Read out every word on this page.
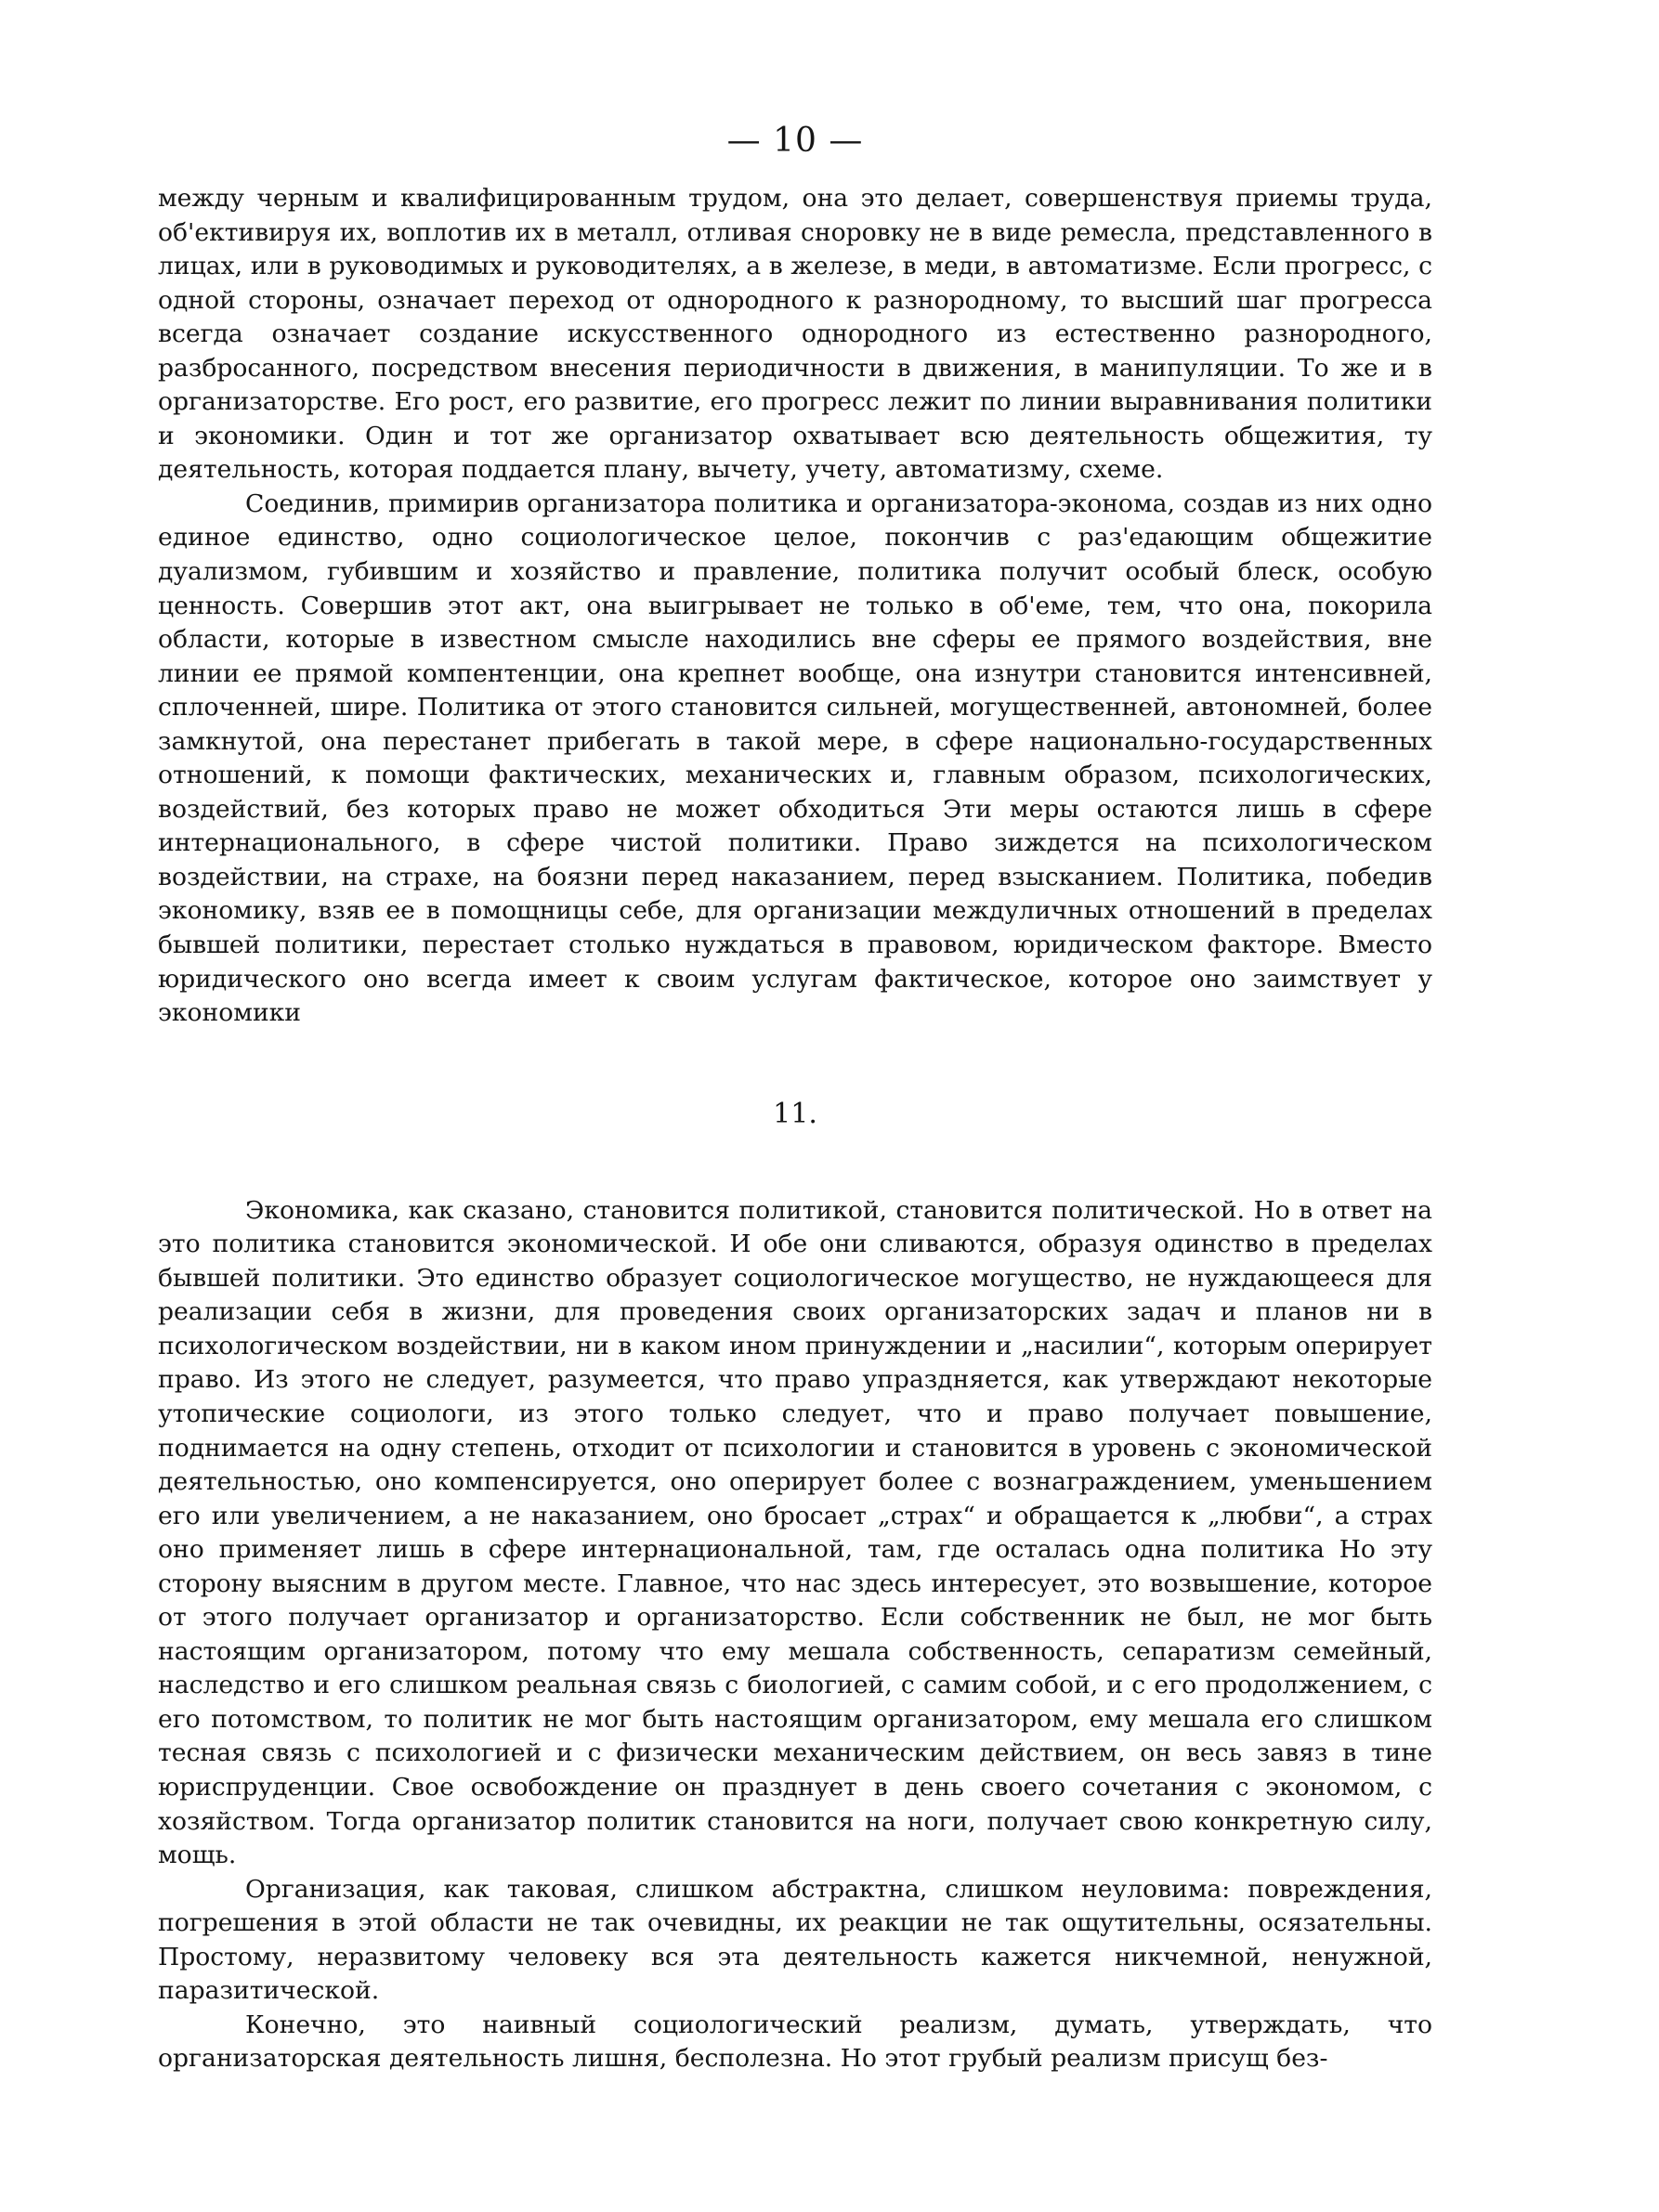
— 10 —

между черным и квалифицированным трудом, она это делает, совершенствуя приемы труда, об'ективируя их, воплотив их в металл, отливая сноровку не в виде ремесла, представленного в лицах, или в руководимых и руководителях, а в железе, в меди, в автоматизме. Если прогресс, с одной стороны, означает переход от однородного к разнородному, то высший шаг прогресса всегда означает создание искусственного однородного из естественно разнородного, разбросанного, посредством внесения периодичности в движения, в манипуляции. То же и в организаторстве. Его рост, его развитие, его прогресс лежит по линии выравнивания политики и экономики. Один и тот же организатор охватывает всю деятельность общежития, ту деятельность, которая поддается плану, вычету, учету, автоматизму, схеме.

Соединив, примирив организатора политика и организатора-эконома, создав из них одно единое единство, одно социологическое целое, покончив с раз'едающим общежитие дуализмом, губившим и хозяйство и правление, политика получит особый блеск, особую ценность. Совершив этот акт, она выигрывает не только в об'еме, тем, что она, покорила области, которые в известном смысле находились вне сферы ее прямого воздействия, вне линии ее прямой компентенции, она крепнет вообще, она изнутри становится интенсивней, сплоченней, шире. Политика от этого становится сильней, могущественней, автономней, более замкнутой, она перестанет прибегать в такой мере, в сфере национально-государственных отношений, к помощи фактических, механических и, главным образом, психологических, воздействий, без которых право не может обходиться Эти меры остаются лишь в сфере интернационального, в сфере чистой политики. Право зиждется на психологическом воздействии, на страхе, на боязни перед наказанием, перед взысканием. Политика, победив экономику, взяв ее в помощницы себе, для организации междуличных отношений в пределах бывшей политики, перестает столько нуждаться в правовом, юридическом факторе. Вместо юридического оно всегда имеет к своим услугам фактическое, которое оно заимствует у экономики

11.

Экономика, как сказано, становится политикой, становится политической. Но в ответ на это политика становится экономической. И обе они сливаются, образуя одинство в пределах бывшей политики. Это единство образует социологическое могущество, не нуждающееся для реализации себя в жизни, для проведения своих организаторских задач и планов ни в психологическом воздействии, ни в каком ином принуждении и „насилии“, которым оперирует право. Из этого не следует, разумеется, что право упраздняется, как утверждают некоторые утопические социологи, из этого только следует, что и право получает повышение, поднимается на одну степень, отходит от психологии и становится в уровень с экономической деятельностью, оно компенсируется, оно оперирует более с вознаграждением, уменьшением его или увеличением, а не наказанием, оно бросает „страх“ и обращается к „любви“, а страх оно применяет лишь в сфере интернациональной, там, где осталась одна политика Но эту сторону выясним в другом месте. Главное, что нас здесь интересует, это возвышение, которое от этого получает организатор и организаторство. Если собственник не был, не мог быть настоящим организатором, потому что ему мешала собственность, сепаратизм семейный, наследство и его слишком реальная связь с биологией, с самим собой, и с его продолжением, с его потомством, то политик не мог быть настоящим организатором, ему мешала его слишком тесная связь с психологией и с физически механическим действием, он весь завяз в тине юриспруденции. Свое освобождение он празднует в день своего сочетания с экономом, с хозяйством. Тогда организатор политик становится на ноги, получает свою конкретную силу, мощь.

Организация, как таковая, слишком абстрактна, слишком неуловима: повреждения, погрешения в этой области не так очевидны, их реакции не так ощутительны, осязательны. Простому, неразвитому человеку вся эта деятельность кажется никчемной, ненужной, паразитической.

Конечно, это наивный социологический реализм, думать, утверждать, что организаторская деятельность лишня, бесполезна. Но этот грубый реализм присущ без-
